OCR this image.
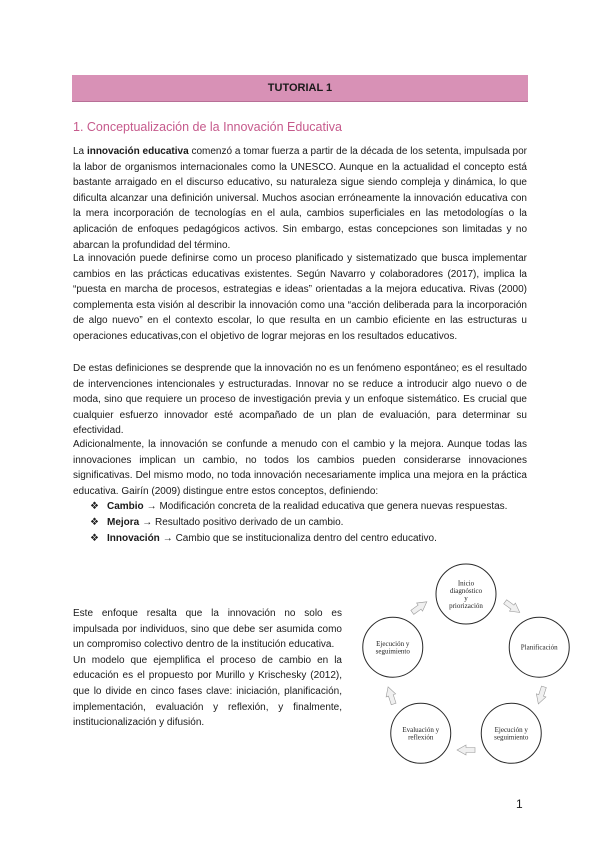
TUTORIAL 1
1. Conceptualización de la Innovación Educativa

La innovación educativa comenzó a tomar fuerza a partir de la década de los setenta, impulsada por la labor de organismos internacionales como la UNESCO. Aunque en la actualidad el concepto está bastante arraigado en el discurso educativo, su naturaleza sigue siendo compleja y dinámica, lo que dificulta alcanzar una definición universal. Muchos asocian erróneamente la innovación educativa con la mera incorporación de tecnologías en el aula, cambios superficiales en las metodologías o la aplicación de enfoques pedagógicos activos. Sin embargo, estas concepciones son limitadas y no abarcan la profundidad del término.

La innovación puede definirse como un proceso planificado y sistematizado que busca implementar cambios en las prácticas educativas existentes. Según Navarro y colaboradores (2017), implica la “puesta en marcha de procesos, estrategias e ideas” orientadas a la mejora educativa. Rivas (2000) complementa esta visión al describir la innovación como una “acción deliberada para la incorporación de algo nuevo” en el contexto escolar, lo que resulta en un cambio eficiente en las estructuras u operaciones educativas,con el objetivo de lograr mejoras en los resultados educativos.

De estas definiciones se desprende que la innovación no es un fenómeno espontáneo; es el resultado de intervenciones intencionales y estructuradas. Innovar no se reduce a introducir algo nuevo o de moda, sino que requiere un proceso de investigación previa y un enfoque sistemático. Es crucial que cualquier esfuerzo innovador esté acompañado de un plan de evaluación, para determinar su efectividad.

Adicionalmente, la innovación se confunde a menudo con el cambio y la mejora. Aunque todas las innovaciones implican un cambio, no todos los cambios pueden considerarse innovaciones significativas. Del mismo modo, no toda innovación necesariamente implica una mejora en la práctica educativa. Gairín (2009) distingue entre estos conceptos, definiendo:

❖ Cambio →
Modificación concreta de la realidad educativa que genera nuevas respuestas.
❖ Mejora →
Resultado positivo derivado de un cambio.
❖ Innovación →
Cambio que se institucionaliza dentro del centro educativo.

Este enfoque resalta que la innovación no solo es impulsada por individuos, sino que debe ser asumida como un compromiso colectivo dentro de la institución educativa.

Un modelo que ejemplifica el proceso de cambio en la educación es el propuesto por Murillo y Krischesky (2012), que lo divide en cinco fases clave: iniciación, planificación, implementación, evaluación y reflexión, y finalmente, institucionalización y difusión.

Inicio
diagnóstico
y
priorización
Planificación
Ejecución y
seguimiento
Evaluación y
reflexión
Ejecución y
seguimiento
1
